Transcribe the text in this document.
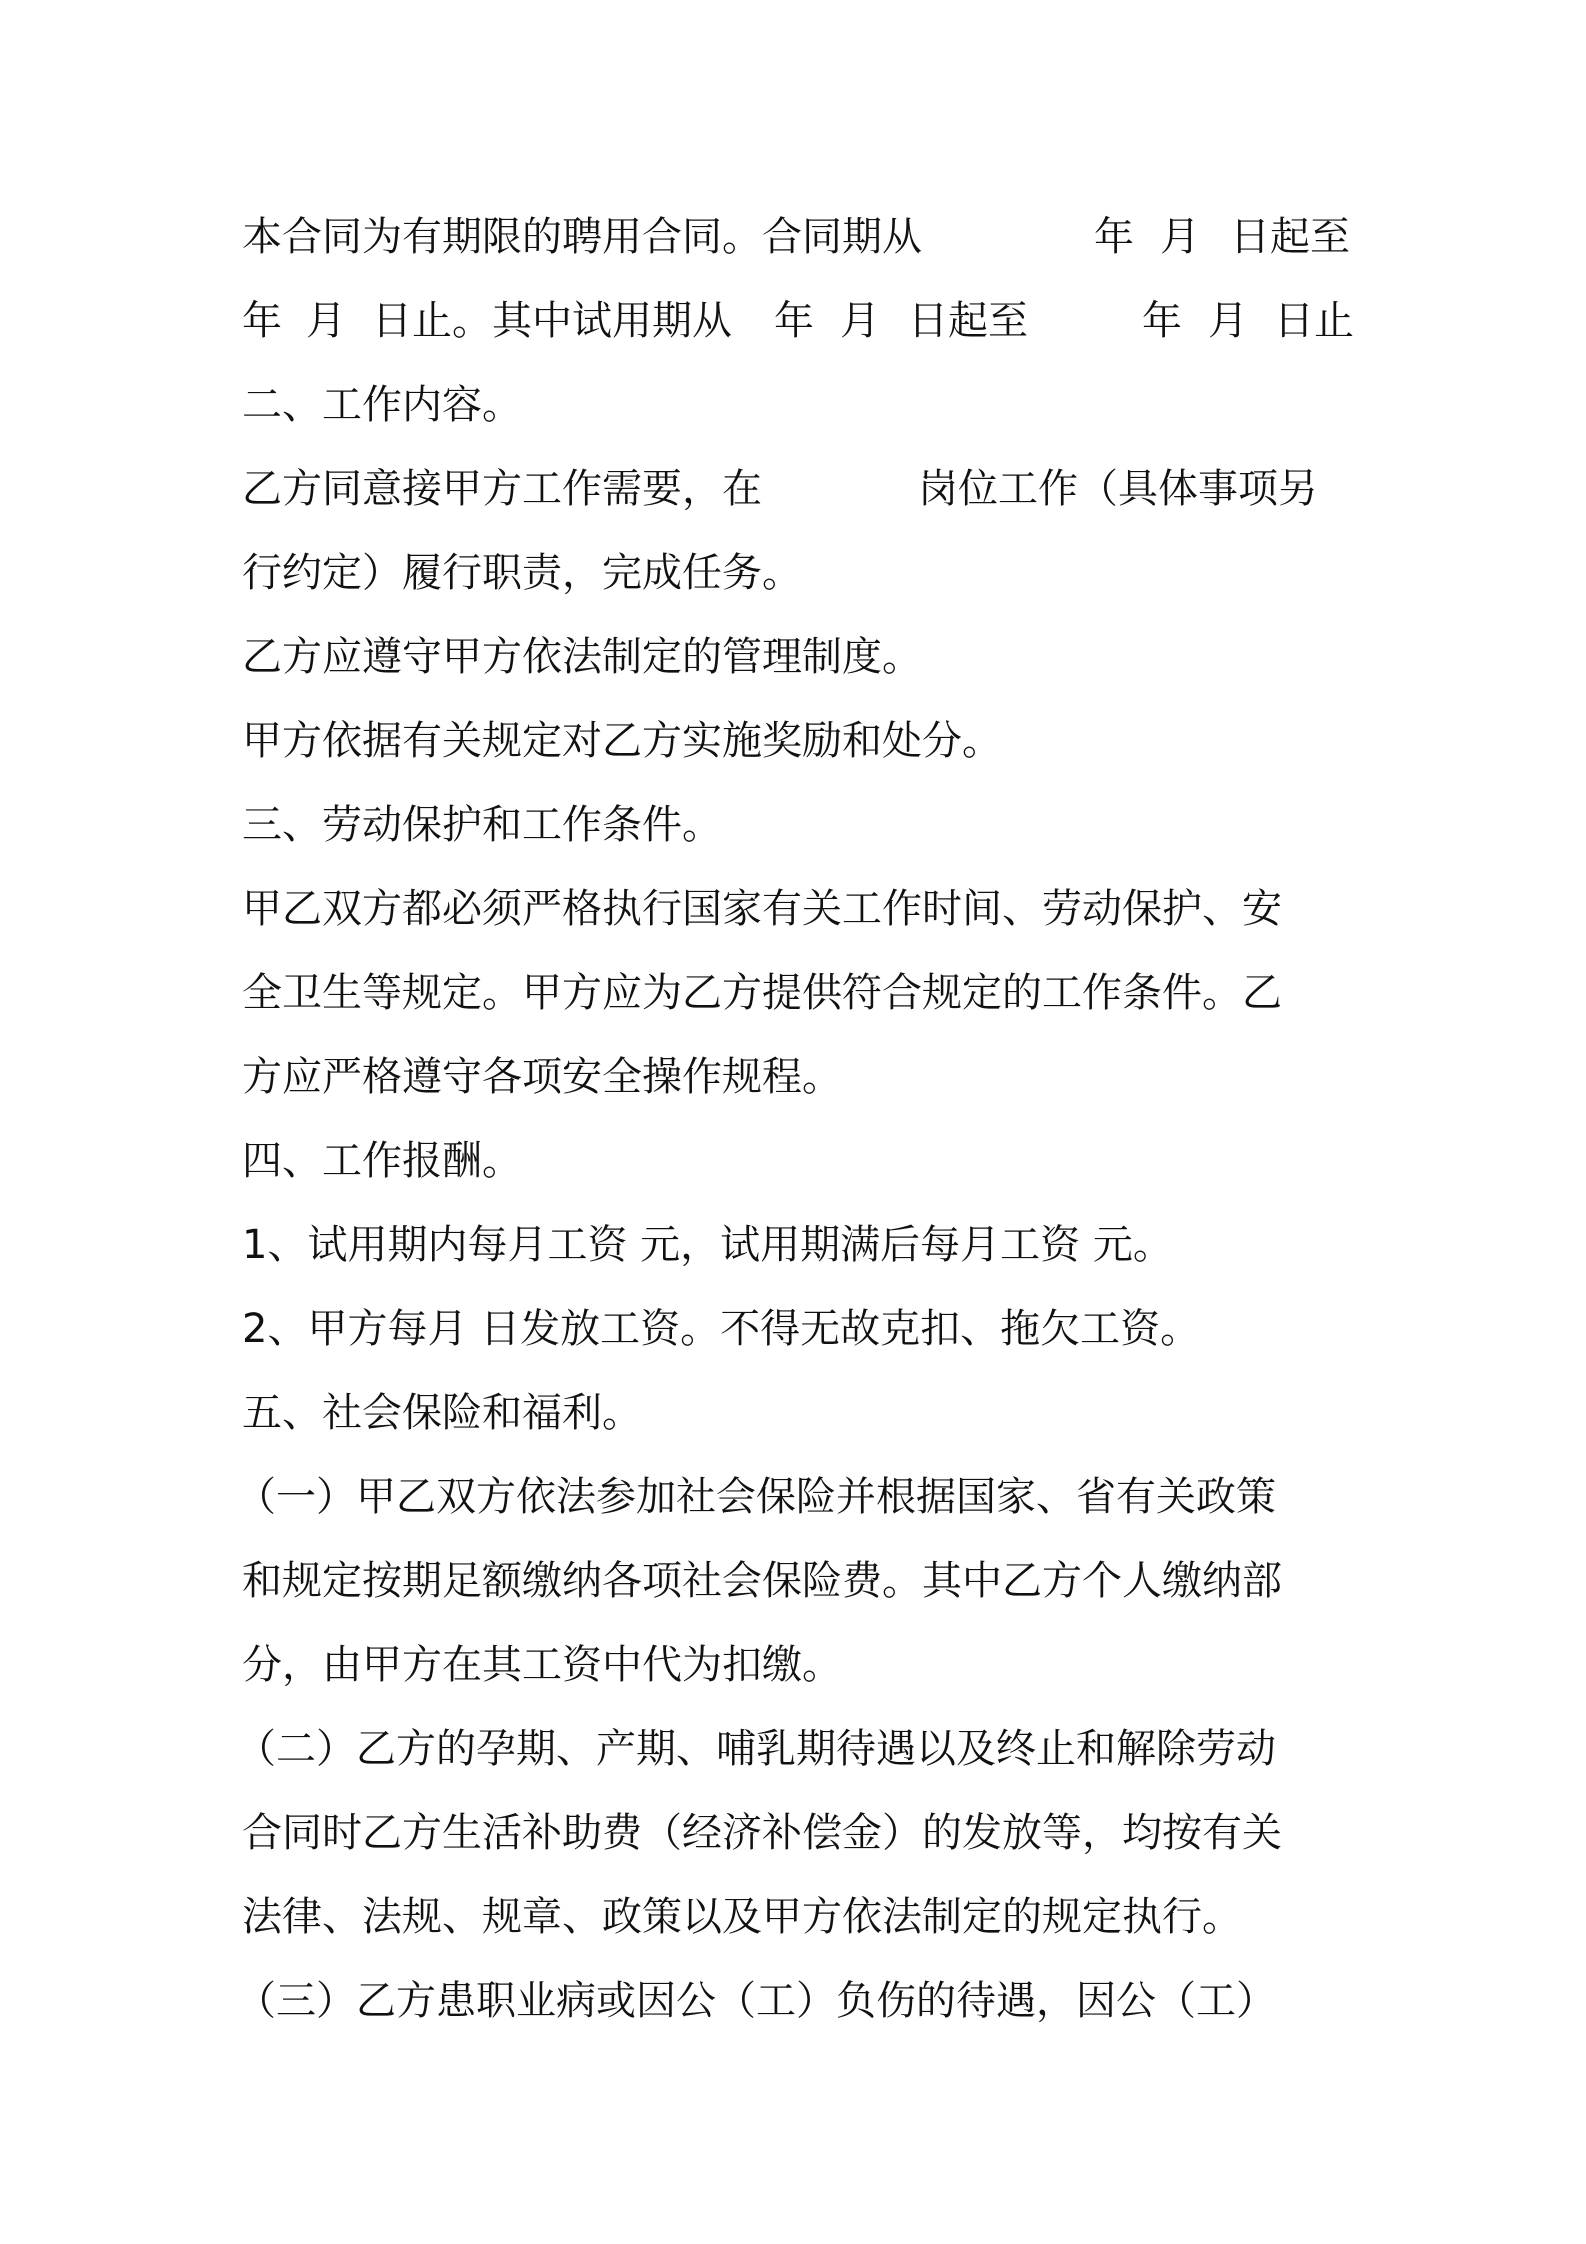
本合同为有期限的聘用合同。合同期从	年 月 日起至
年 月 日止。其中试用期从 年 月 日起至	年 月 日止
二、工作内容。
乙方同意接甲方工作需要，在	岗位工作（具体事项另
行约定）履行职责，完成任务。
乙方应遵守甲方依法制定的管理制度。
甲方依据有关规定对乙方实施奖励和处分。
三、劳动保护和工作条件。
甲乙双方都必须严格执行国家有关工作时间、劳动保护、安
全卫生等规定。甲方应为乙方提供符合规定的工作条件。乙
方应严格遵守各项安全操作规程。
四、工作报酬。
1、试用期内每月工资 元，试用期满后每月工资 元。
2、甲方每月 日发放工资。不得无故克扣、拖欠工资。
五、社会保险和福利。
（一）甲乙双方依法参加社会保险并根据国家、省有关政策
和规定按期足额缴纳各项社会保险费。其中乙方个人缴纳部
分，由甲方在其工资中代为扣缴。
（二）乙方的孕期、产期、哺乳期待遇以及终止和解除劳动
合同时乙方生活补助费（经济补偿金）的发放等，均按有关
法律、法规、规章、政策以及甲方依法制定的规定执行。
（三）乙方患职业病或因公（工）负伤的待遇，因公（工）
